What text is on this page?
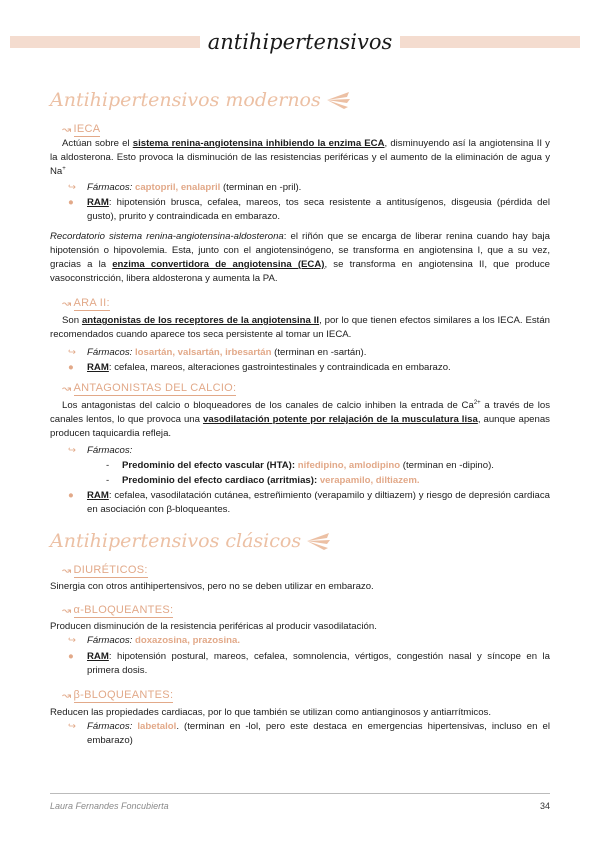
antihipertensivos
Antihipertensivos modernos
↝ IECA
Actúan sobre el sistema renina-angiotensina inhibiendo la enzima ECA, disminuyendo así la angiotensina II y la aldosterona. Esto provoca la disminución de las resistencias periféricas y el aumento de la eliminación de agua y Na+
↪	Fármacos: captopril, enalapril (terminan en -pril).
●	RAM: hipotensión brusca, cefalea, mareos, tos seca resistente a antitusígenos, disgeusia (pérdida del gusto), prurito y contraindicada en embarazo.
Recordatorio sistema renina-angiotensina-aldosterona: el riñón que se encarga de liberar renina cuando hay baja hipotensión o hipovolemia. Esta, junto con el angiotensinógeno, se transforma en angiotensina I, que a su vez, gracias a la enzima convertidora de angiotensina (ECA), se transforma en angiotensina II, que produce vasoconstricción, libera aldosterona y aumenta la PA.
↝ ARA II:
Son antagonistas de los receptores de la angiotensina II, por lo que tienen efectos similares a los IECA. Están recomendados cuando aparece tos seca persistente al tomar un IECA.
↪	Fármacos: losartán, valsartán, irbesartán (terminan en -sartán).
●	RAM: cefalea, mareos, alteraciones gastrointestinales y contraindicada en embarazo.
↝ ANTAGONISTAS DEL CALCIO:
Los antagonistas del calcio o bloqueadores de los canales de calcio inhiben la entrada de $Ca^{2+}$ a través de los canales lentos, lo que provoca una vasodilatación potente por relajación de la musculatura lisa, aunque apenas producen taquicardia refleja.
↪	Fármacos:
-	Predominio del efecto vascular (HTA): nifedipino, amlodipino (terminan en -dipino).
-	Predominio del efecto cardiaco (arritmias): verapamilo, diltiazem.
●	RAM: cefalea, vasodilatación cutánea, estreñimiento (verapamilo y diltiazem) y riesgo de depresión cardiaca en asociación con β-bloqueantes.
Antihipertensivos clásicos
↝ DIURÉTICOS:
Sinergia con otros antihipertensivos, pero no se deben utilizar en embarazo.
↝ α-BLOQUEANTES:
Producen disminución de la resistencia periféricas al producir vasodilatación.
↪	Fármacos: doxazosina, prazosina.
●	RAM: hipotensión postural, mareos, cefalea, somnolencia, vértigos, congestión nasal y síncope en la primera dosis.
↝ β-BLOQUEANTES:
Reducen las propiedades cardiacas, por lo que también se utilizan como antianginosos y antiarrítmicos.
↪	Fármacos: labetalol. (terminan en -lol, pero este destaca en emergencias hipertensivas, incluso en el embarazo)
Laura Fernandes Foncubierta	34
